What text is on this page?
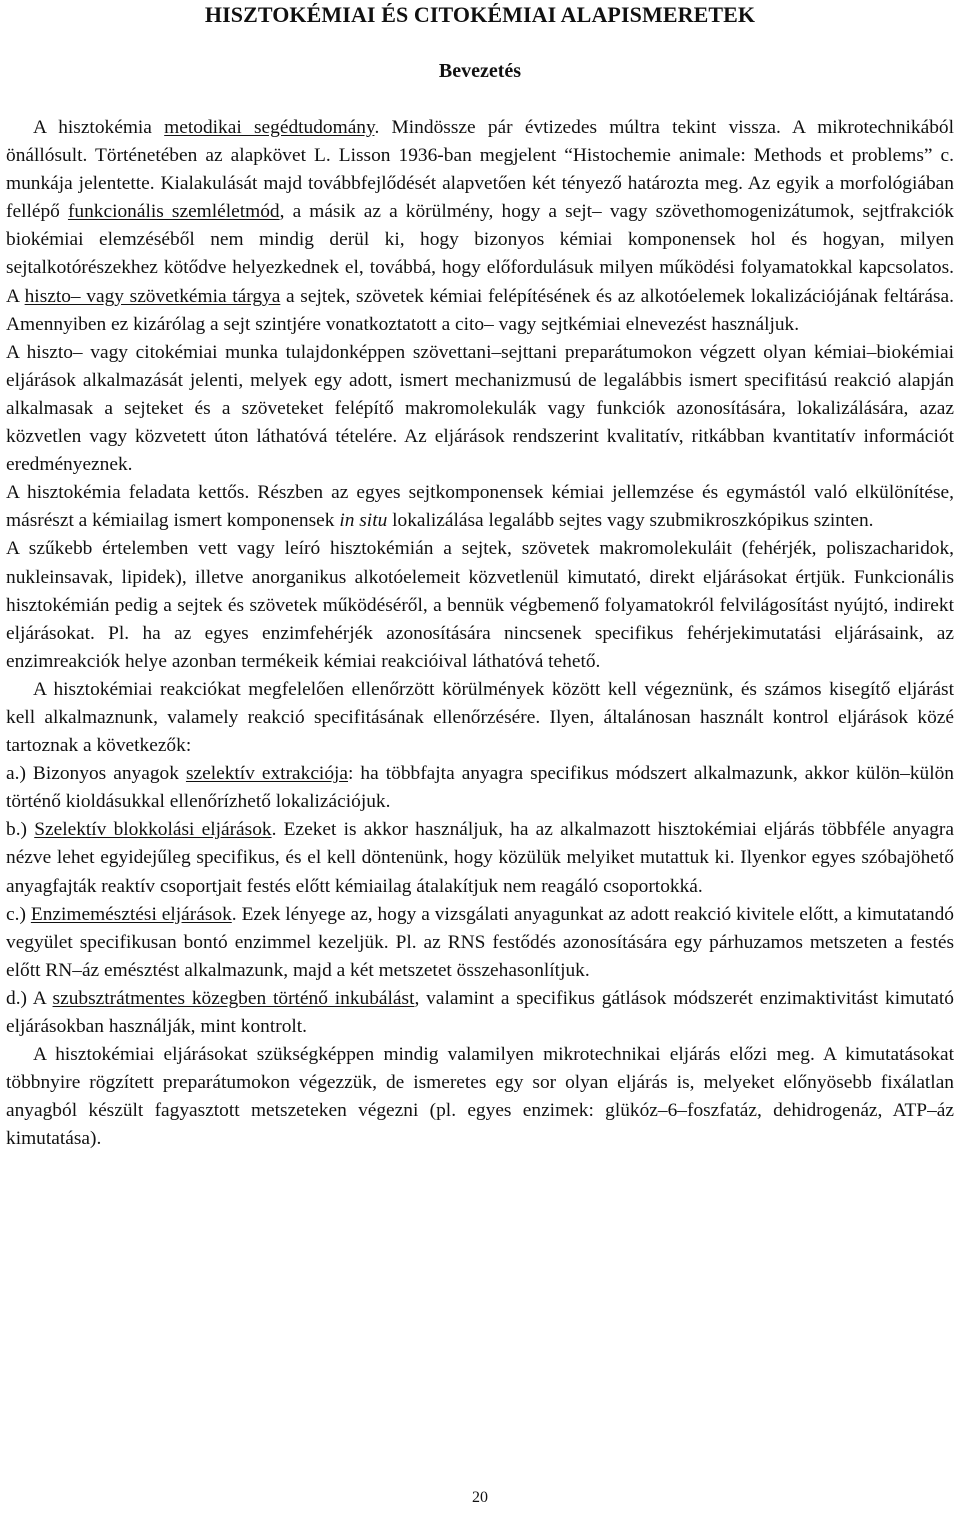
HISZTOKÉMIAI ÉS CITOKÉMIAI ALAPISMERETEK
Bevezetés

A hisztokémia metodikai segédtudomány. Mindössze pár évtizedes múltra tekint vissza. A mikrotechnikából önállósult. Történetében az alapkövet L. Lisson 1936-ban megjelent “Histochemie animale: Methods et problems” c. munkája jelentette. Kialakulását majd továbbfejlődését alapvetően két tényező határozta meg. Az egyik a morfológiában fellépő funkcionális szemléletmód, a másik az a körülmény, hogy a sejt– vagy szövethomogenizátumok, sejtfrakciók biokémiai elemzéséből nem mindig derül ki, hogy bizonyos kémiai komponensek hol és hogyan, milyen sejtalkotórészekhez kötődve helyezkednek el, továbbá, hogy előfordulásuk milyen működési folyamatokkal kapcsolatos. A hiszto– vagy szövetkémia tárgya a sejtek, szövetek kémiai felépítésének és az alkotóelemek lokalizációjának feltárása. Amennyiben ez kizárólag a sejt szintjére vonatkoztatott a cito– vagy sejtkémiai elnevezést használjuk.

A hiszto– vagy citokémiai munka tulajdonképpen szövettani–sejttani preparátumokon végzett olyan kémiai–biokémiai eljárások alkalmazását jelenti, melyek egy adott, ismert mechanizmusú de legalábbis ismert specifitású reakció alapján alkalmasak a sejteket és a szöveteket felépítő makromolekulák vagy funkciók azonosítására, lokalizálására, azaz közvetlen vagy közvetett úton láthatóvá tételére. Az eljárások rendszerint kvalitatív, ritkábban kvantitatív információt eredményeznek.

A hisztokémia feladata kettős. Részben az egyes sejtkomponensek kémiai jellemzése és egymástól való elkülönítése, másrészt a kémiailag ismert komponensek in situ lokalizálása legalább sejtes vagy szubmikroszkópikus szinten.

A szűkebb értelemben vett vagy leíró hisztokémián a sejtek, szövetek makromolekuláit (fehérjék, poliszacharidok, nukleinsavak, lipidek), illetve anorganikus alkotóelemeit közvetlenül kimutató, direkt eljárásokat értjük. Funkcionális hisztokémián pedig a sejtek és szövetek működéséről, a bennük végbemenő folyamatokról felvilágosítást nyújtó, indirekt eljárásokat. Pl. ha az egyes enzimfehérjék azonosítására nincsenek specifikus fehérjekimutatási eljárásaink, az enzimreakciók helye azonban termékeik kémiai reakcióival láthatóvá tehető.

A hisztokémiai reakciókat megfelelően ellenőrzött körülmények között kell végeznünk, és számos kisegítő eljárást kell alkalmaznunk, valamely reakció specifitásának ellenőrzésére. Ilyen, általánosan használt kontrol eljárások közé tartoznak a következők:

a.) Bizonyos anyagok szelektív extrakciója: ha többfajta anyagra specifikus módszert alkalmazunk, akkor külön–külön történő kioldásukkal ellenőrízhető lokalizációjuk.

b.) Szelektív blokkolási eljárások. Ezeket is akkor használjuk, ha az alkalmazott hisztokémiai eljárás többféle anyagra nézve lehet egyidejűleg specifikus, és el kell döntenünk, hogy közülük melyiket mutattuk ki. Ilyenkor egyes szóbajöhető anyagfajták reaktív csoportjait festés előtt kémiailag átalakítjuk nem reagáló csoportokká.

c.) Enzimemésztési eljárások. Ezek lényege az, hogy a vizsgálati anyagunkat az adott reakció kivitele előtt, a kimutatandó vegyület specifikusan bontó enzimmel kezeljük. Pl. az RNS festődés azonosítására egy párhuzamos metszeten a festés előtt RN–áz emésztést alkalmazunk, majd a két metszetet összehasonlítjuk.

d.) A szubsztrátmentes közegben történő inkubálást, valamint a specifikus gátlások módszerét enzimaktivitást kimutató eljárásokban használják, mint kontrolt.

A hisztokémiai eljárásokat szükségképpen mindig valamilyen mikrotechnikai eljárás előzi meg. A kimutatásokat többnyire rögzített preparátumokon végezzük, de ismeretes egy sor olyan eljárás is, melyeket előnyösebb fixálatlan anyagból készült fagyasztott metszeteken végezni (pl. egyes enzimek: glükóz–6–foszfatáz, dehidrogenáz, ATP–áz kimutatása).

20
